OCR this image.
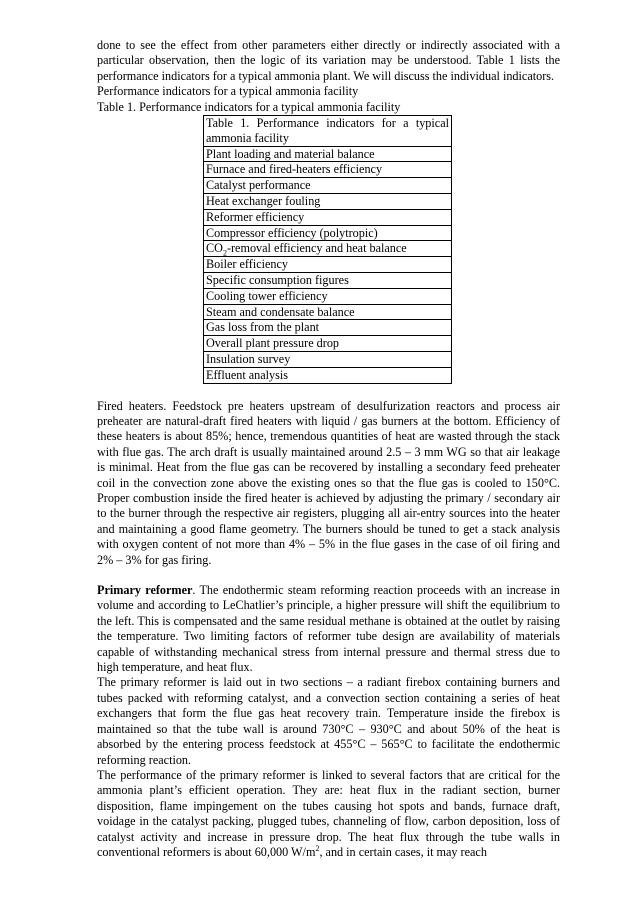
done to see the effect from other parameters either directly or indirectly associated with a particular observation, then the logic of its variation may be understood. Table 1 lists the performance indicators for a typical ammonia plant. We will discuss the individual indicators.

Performance indicators for a typical ammonia facility
Table 1. Performance indicators for a typical ammonia facility
Table 1. Performance indicators for a typical ammonia facility
Plant loading and material balance
Furnace and fired-heaters efficiency
Catalyst performance
Heat exchanger fouling
Reformer efficiency
Compressor efficiency (polytropic)
$CO_2$-removal efficiency and heat balance
Boiler efficiency
Specific consumption figures
Cooling tower efficiency
Steam and condensate balance
Gas loss from the plant
Overall plant pressure drop
Insulation survey
Effluent analysis

Fired heaters. Feedstock pre heaters upstream of desulfurization reactors and process air preheater are natural-draft fired heaters with liquid / gas burners at the bottom. Efficiency of these heaters is about 85%; hence, tremendous quantities of heat are wasted through the stack with flue gas. The arch draft is usually maintained around 2.5 – 3 mm WG so that air leakage is minimal. Heat from the flue gas can be recovered by installing a secondary feed preheater coil in the convection zone above the existing ones so that the flue gas is cooled to 150°C. Proper combustion inside the fired heater is achieved by adjusting the primary / secondary air to the burner through the respective air registers, plugging all air-entry sources into the heater and maintaining a good flame geometry. The burners should be tuned to get a stack analysis with oxygen content of not more than 4% – 5% in the flue gases in the case of oil firing and 2% – 3% for gas firing.

Primary reformer. The endothermic steam reforming reaction proceeds with an increase in volume and according to LeChatlier’s principle, a higher pressure will shift the equilibrium to the left. This is compensated and the same residual methane is obtained at the outlet by raising the temperature. Two limiting factors of reformer tube design are availability of materials capable of withstanding mechanical stress from internal pressure and thermal stress due to high temperature, and heat flux.

The primary reformer is laid out in two sections – a radiant firebox containing burners and tubes packed with reforming catalyst, and a convection section containing a series of heat exchangers that form the flue gas heat recovery train. Temperature inside the firebox is maintained so that the tube wall is around 730°C – 930°C and about 50% of the heat is absorbed by the entering process feedstock at 455°C – 565°C to facilitate the endothermic reforming reaction.

The performance of the primary reformer is linked to several factors that are critical for the ammonia plant’s efficient operation. They are: heat flux in the radiant section, burner disposition, flame impingement on the tubes causing hot spots and bands, furnace draft, voidage in the catalyst packing, plugged tubes, channeling of flow, carbon deposition, loss of catalyst activity and increase in pressure drop. The heat flux through the tube walls in conventional reformers is about 60,000 $W/m^2$, and in certain cases, it may reach
